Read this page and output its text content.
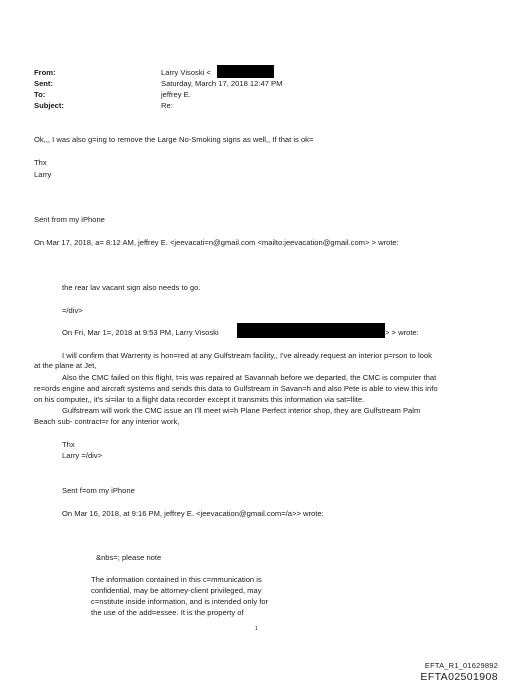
From:
Sent:
To:
Subject:
Larry Visoski <
Saturday, March 17, 2018 12:47 PM
jeffrey E.
Re:
Ok,,, I was also g=ing to remove the Large No-Smoking signs as well,, If that is ok=
Thx
Larry
Sent from my iPhone
On Mar 17, 2018, a= 8:12 AM, jeffrey E. <jeevacati=n@gmail.com <mailto:jeevacation@gmail.com> > wrote:
the rear lav vacant sign also needs to go.
=/div>
On Fri, Mar 1=, 2018 at 9:53 PM, Larry Visoski	> > wrote:
I will confirm that Warrenty is hon=red at any Gulfstream facility,, I've already request an interior p=rson to look
at the plane at Jet,
Also the CMC failed on this flight, t=is was repaired at Savannah before we departed, the CMC is computer that
re=ords engine and aircraft systems and sends this data to Gulfstream in Savan=h and also Pete is able to view this info
on his computer,, it's si=ilar to a flight data recorder except it transmits this information via sat=llite.
Gulfstream will work the CMC issue an I'll meet wi=h Plane Perfect interior shop, they are Gulfstream Palm
Beach sub- contract=r for any interior work,
Thx
Larry =/div>
Sent f=om my iPhone
On Mar 16, 2018, at 9:16 PM, jeffrey E. <jeevacation@gmail.com=/a>> wrote:
&nbs=; please note
The information contained in this c=mmunication is
confidential, may be attorney-client privileged, may
c=nstitute inside information, and is intended only for
the use of the add=essee. It is the property of
1
EFTA_R1_01629892
EFTA02501908
